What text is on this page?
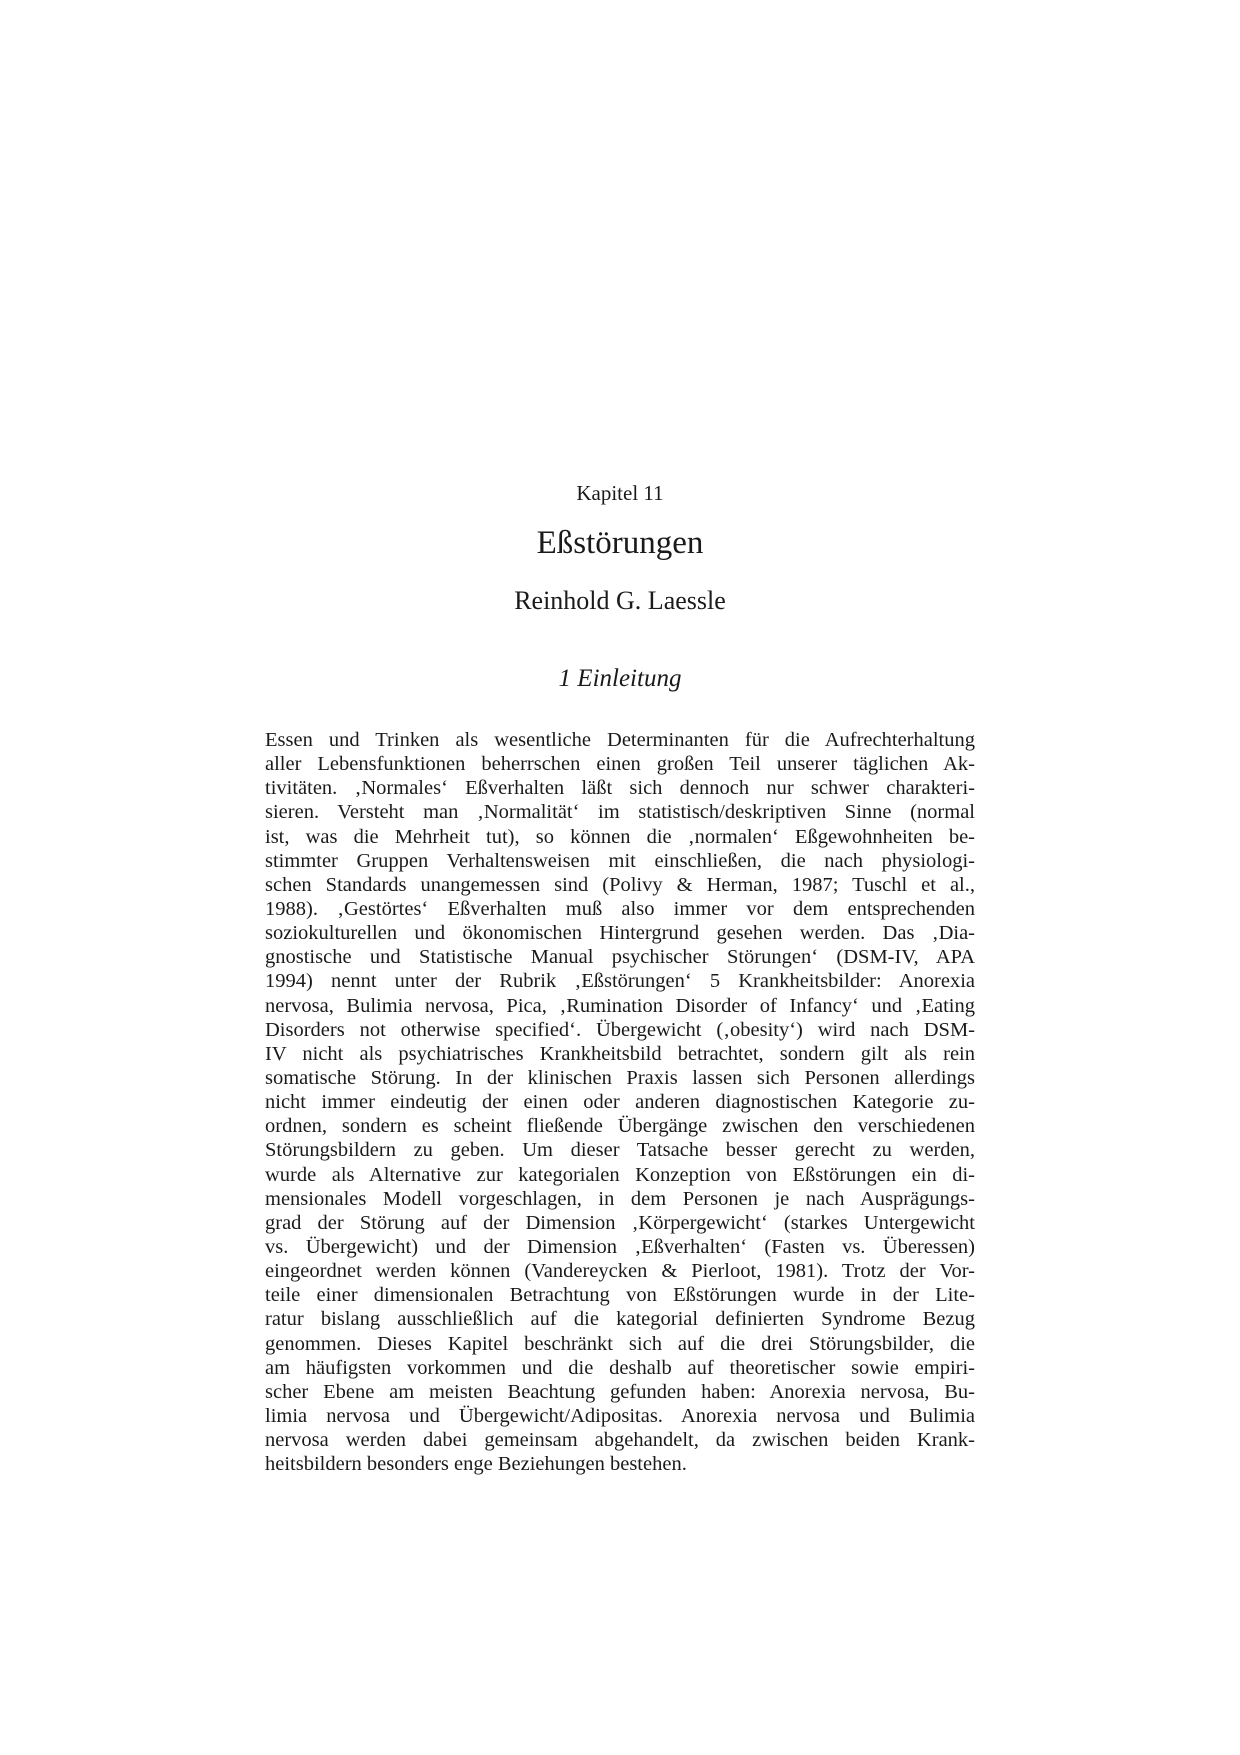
Kapitel 11
Eßstörungen
Reinhold G. Laessle
1 Einleitung
Essen und Trinken als wesentliche Determinanten für die Aufrechterhaltung
aller Lebensfunktionen beherrschen einen großen Teil unserer täglichen Ak-
tivitäten. ‚Normales‘ Eßverhalten läßt sich dennoch nur schwer charakteri-
sieren. Versteht man ‚Normalität‘ im statistisch/deskriptiven Sinne (normal
ist, was die Mehrheit tut), so können die ‚normalen‘ Eßgewohnheiten be-
stimmter Gruppen Verhaltensweisen mit einschließen, die nach physiologi-
schen Standards unangemessen sind (Polivy & Herman, 1987; Tuschl et al.,
1988). ‚Gestörtes‘ Eßverhalten muß also immer vor dem entsprechenden
soziokulturellen und ökonomischen Hintergrund gesehen werden. Das ‚Dia-
gnostische und Statistische Manual psychischer Störungen‘ (DSM-IV, APA
1994) nennt unter der Rubrik ‚Eßstörungen‘ 5 Krankheitsbilder: Anorexia
nervosa, Bulimia nervosa, Pica, ‚Rumination Disorder of Infancy‘ und ‚Eating
Disorders not otherwise specified‘. Übergewicht (‚obesity‘) wird nach DSM-
IV nicht als psychiatrisches Krankheitsbild betrachtet, sondern gilt als rein
somatische Störung. In der klinischen Praxis lassen sich Personen allerdings
nicht immer eindeutig der einen oder anderen diagnostischen Kategorie zu-
ordnen, sondern es scheint fließende Übergänge zwischen den verschiedenen
Störungsbildern zu geben. Um dieser Tatsache besser gerecht zu werden,
wurde als Alternative zur kategorialen Konzeption von Eßstörungen ein di-
mensionales Modell vorgeschlagen, in dem Personen je nach Ausprägungs-
grad der Störung auf der Dimension ‚Körpergewicht‘ (starkes Untergewicht
vs. Übergewicht) und der Dimension ‚Eßverhalten‘ (Fasten vs. Überessen)
eingeordnet werden können (Vandereycken & Pierloot, 1981). Trotz der Vor-
teile einer dimensionalen Betrachtung von Eßstörungen wurde in der Lite-
ratur bislang ausschließlich auf die kategorial definierten Syndrome Bezug
genommen. Dieses Kapitel beschränkt sich auf die drei Störungsbilder, die
am häufigsten vorkommen und die deshalb auf theoretischer sowie empiri-
scher Ebene am meisten Beachtung gefunden haben: Anorexia nervosa, Bu-
limia nervosa und Übergewicht/Adipositas. Anorexia nervosa und Bulimia
nervosa werden dabei gemeinsam abgehandelt, da zwischen beiden Krank-
heitsbildern besonders enge Beziehungen bestehen.
